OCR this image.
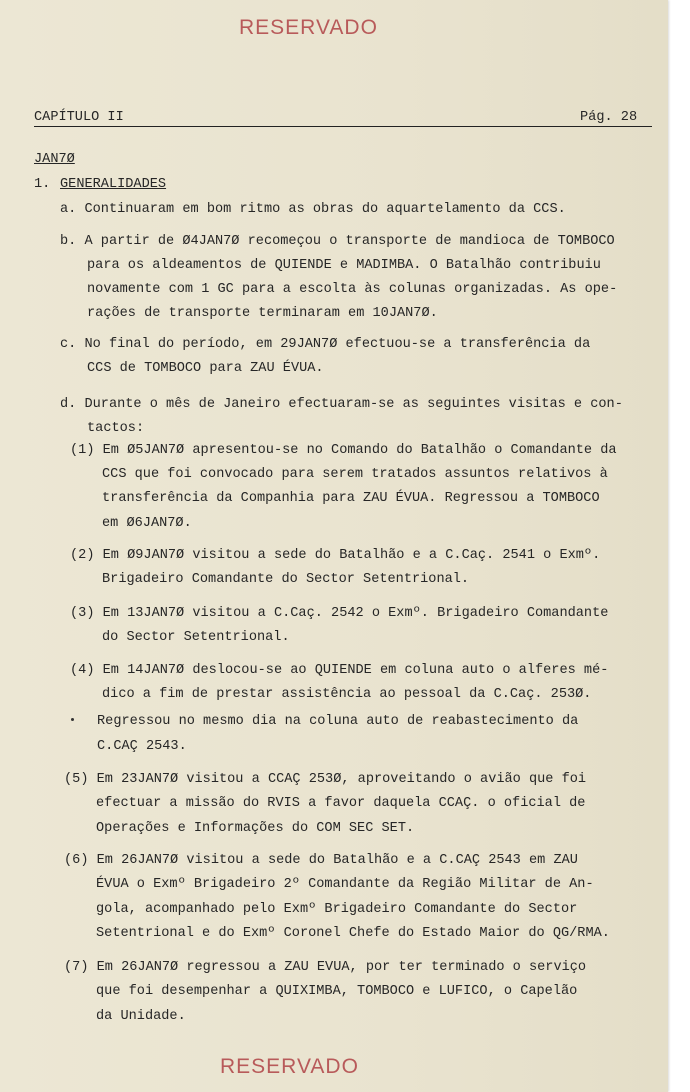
RESERVADO
CAPÍTULO II	Pág. 28
JAN7Ø
1. GENERALIDADES
a. Continuaram em bom ritmo as obras do aquartelamento da CCS.
b. A partir de Ø4JAN7Ø recomeçou o transporte de mandioca de TOMBOCO
para os aldeamentos de QUIENDE e MADIMBA. O Batalhão contribuiu
novamente com 1 GC para a escolta às colunas organizadas. As ope-
rações de transporte terminaram em 10JAN7Ø.
c. No final do período, em 29JAN7Ø efectuou-se a transferência da
CCS de TOMBOCO para ZAU ÉVUA.
d. Durante o mês de Janeiro efectuaram-se as seguintes visitas e con-
tactos:
(1) Em Ø5JAN7Ø apresentou-se no Comando do Batalhão o Comandante da
CCS que foi convocado para serem tratados assuntos relativos à
transferência da Companhia para ZAU ÉVUA. Regressou a TOMBOCO
em Ø6JAN7Ø.
(2) Em Ø9JAN7Ø visitou a sede do Batalhão e a C.Caç. 2541 o Exmº.
Brigadeiro Comandante do Sector Setentrional.
(3) Em 13JAN7Ø visitou a C.Caç. 2542 o Exmº. Brigadeiro Comandante
do Sector Setentrional.
(4) Em 14JAN7Ø deslocou-se ao QUIENDE em coluna auto o alferes mé-
dico a fim de prestar assistência ao pessoal da C.Caç. 253Ø.
Regressou no mesmo dia na coluna auto de reabastecimento da
C.CAÇ 2543.
(5) Em 23JAN7Ø visitou a CCAÇ 253Ø, aproveitando o avião que foi
efectuar a missão do RVIS a favor daquela CCAÇ. o oficial de
Operações e Informações do COM SEC SET.
(6) Em 26JAN7Ø visitou a sede do Batalhão e a C.CAÇ 2543 em ZAU
ÉVUA o Exmº Brigadeiro 2º Comandante da Região Militar de An-
gola, acompanhado pelo Exmº Brigadeiro Comandante do Sector
Setentrional e do Exmº Coronel Chefe do Estado Maior do QG/RMA.
(7) Em 26JAN7Ø regressou a ZAU EVUA, por ter terminado o serviço
que foi desempenhar a QUIXIMBA, TOMBOCO e LUFICO, o Capelão
da Unidade.
RESERVADO
